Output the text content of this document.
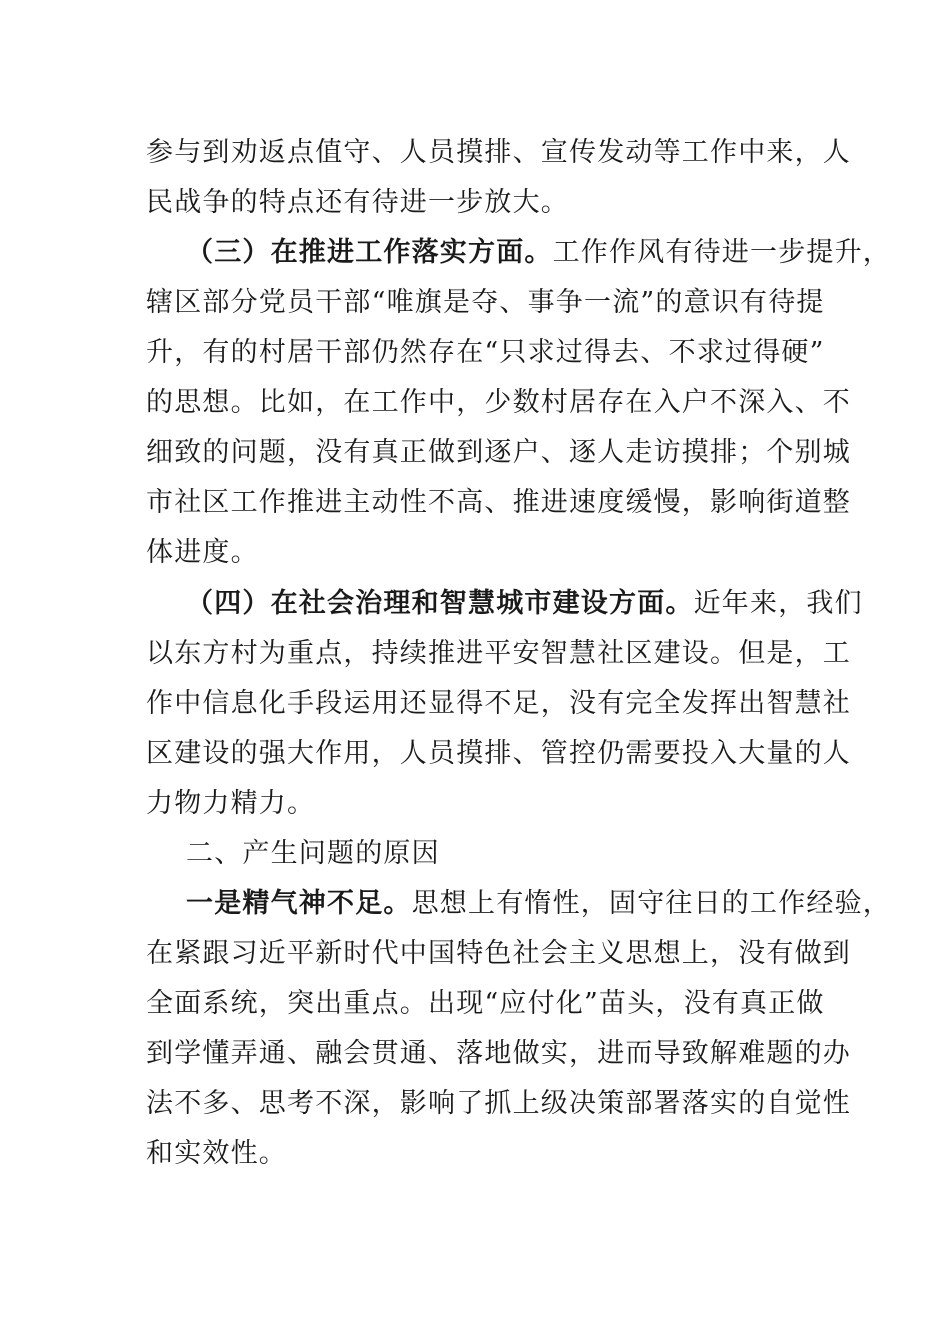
参与到劝返点值守、人员摸排、宣传发动等工作中来，人
民战争的特点还有待进一步放大。
（三）在推进工作落实方面。工作作风有待进一步提升，
辖区部分党员干部“唯旗是夺、事争一流”的意识有待提
升，有的村居干部仍然存在“只求过得去、不求过得硬”
的思想。比如，在工作中，少数村居存在入户不深入、不
细致的问题，没有真正做到逐户、逐人走访摸排；个别城
市社区工作推进主动性不高、推进速度缓慢，影响街道整
体进度。
（四）在社会治理和智慧城市建设方面。近年来，我们
以东方村为重点，持续推进平安智慧社区建设。但是，工
作中信息化手段运用还显得不足，没有完全发挥出智慧社
区建设的强大作用，人员摸排、管控仍需要投入大量的人
力物力精力。
二、产生问题的原因
一是精气神不足。思想上有惰性，固守往日的工作经验，
在紧跟习近平新时代中国特色社会主义思想上，没有做到
全面系统，突出重点。出现“应付化”苗头，没有真正做
到学懂弄通、融会贯通、落地做实，进而导致解难题的办
法不多、思考不深，影响了抓上级决策部署落实的自觉性
和实效性。
